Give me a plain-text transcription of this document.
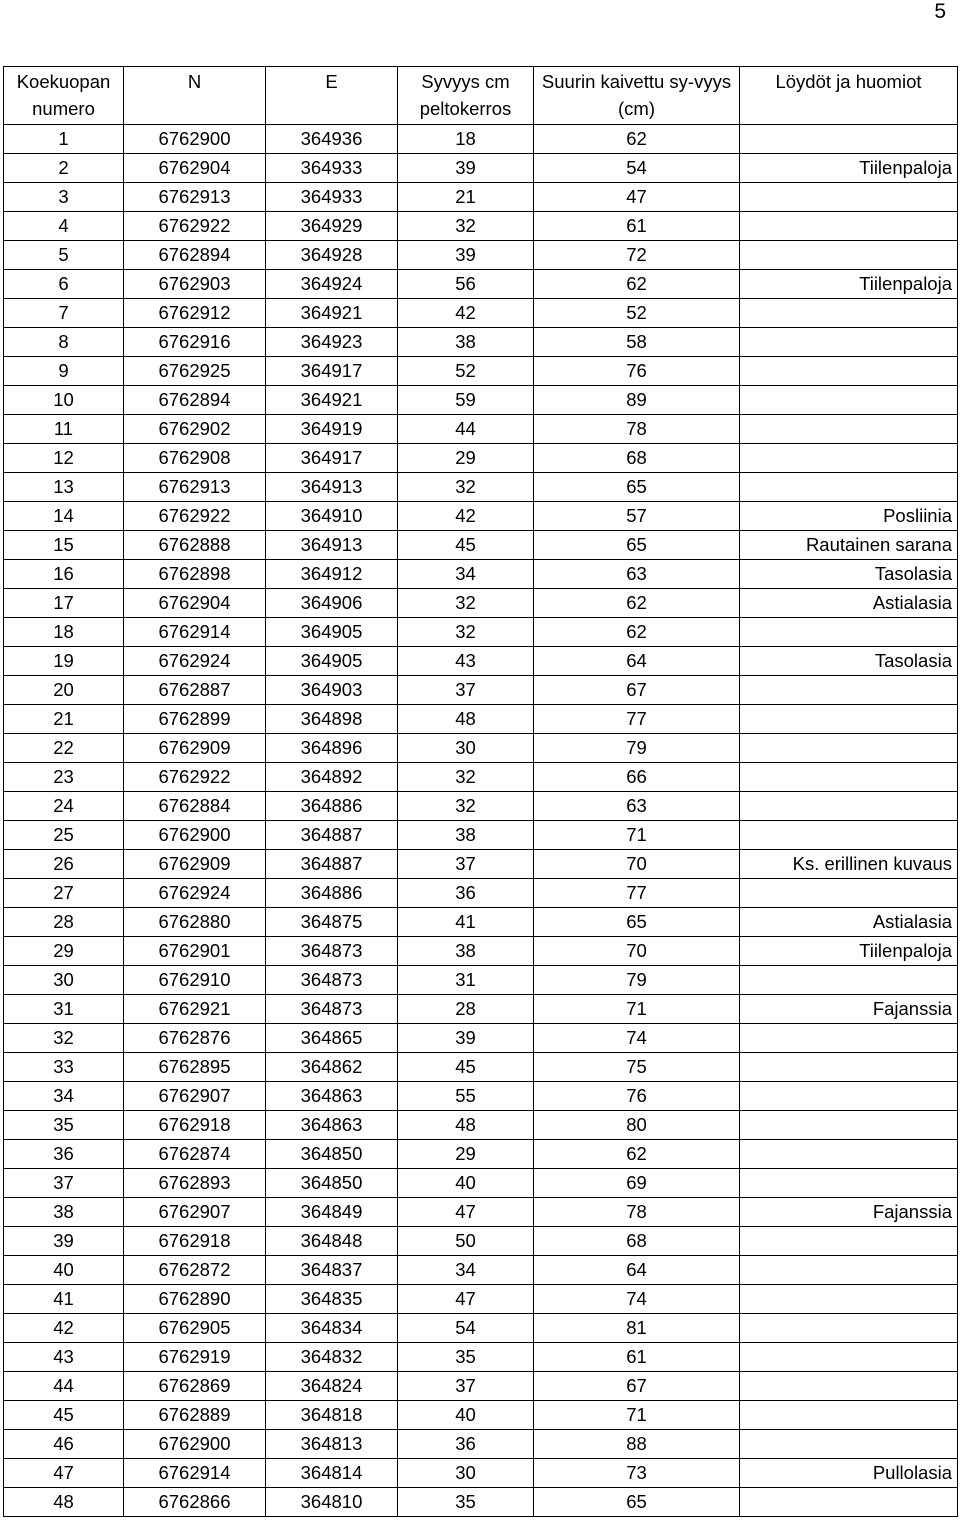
5
Koekuopan numero	N	E	Syvyys cm peltokerros	Suurin kaivettu sy-vyys (cm)	Löydöt ja huomiot
1	6762900	364936	18	62	
2	6762904	364933	39	54	Tiilenpaloja
3	6762913	364933	21	47	
4	6762922	364929	32	61	
5	6762894	364928	39	72	
6	6762903	364924	56	62	Tiilenpaloja
7	6762912	364921	42	52	
8	6762916	364923	38	58	
9	6762925	364917	52	76	
10	6762894	364921	59	89	
11	6762902	364919	44	78	
12	6762908	364917	29	68	
13	6762913	364913	32	65	
14	6762922	364910	42	57	Posliinia
15	6762888	364913	45	65	Rautainen sarana
16	6762898	364912	34	63	Tasolasia
17	6762904	364906	32	62	Astialasia
18	6762914	364905	32	62	
19	6762924	364905	43	64	Tasolasia
20	6762887	364903	37	67	
21	6762899	364898	48	77	
22	6762909	364896	30	79	
23	6762922	364892	32	66	
24	6762884	364886	32	63	
25	6762900	364887	38	71	
26	6762909	364887	37	70	Ks. erillinen kuvaus
27	6762924	364886	36	77	
28	6762880	364875	41	65	Astialasia
29	6762901	364873	38	70	Tiilenpaloja
30	6762910	364873	31	79	
31	6762921	364873	28	71	Fajanssia
32	6762876	364865	39	74	
33	6762895	364862	45	75	
34	6762907	364863	55	76	
35	6762918	364863	48	80	
36	6762874	364850	29	62	
37	6762893	364850	40	69	
38	6762907	364849	47	78	Fajanssia
39	6762918	364848	50	68	
40	6762872	364837	34	64	
41	6762890	364835	47	74	
42	6762905	364834	54	81	
43	6762919	364832	35	61	
44	6762869	364824	37	67	
45	6762889	364818	40	71	
46	6762900	364813	36	88	
47	6762914	364814	30	73	Pullolasia
48	6762866	364810	35	65	
